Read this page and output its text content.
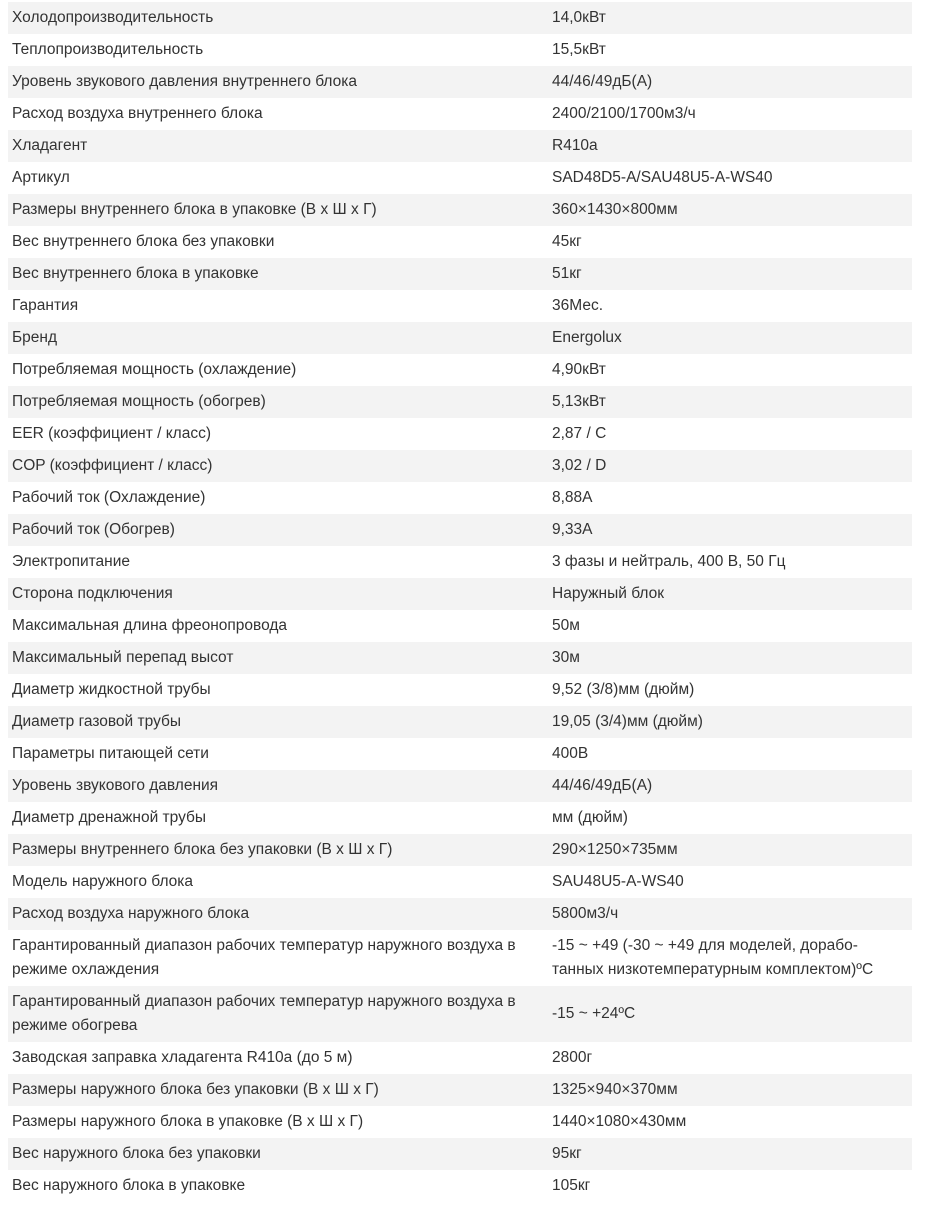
Холодопроизводительность	14,0кВт
Теплопроизводительность	15,5кВт
Уровень звукового давления внутреннего блока	44/46/49дБ(А)
Расход воздуха внутреннего блока	2400/2100/1700м3/ч
Хладагент	R410a
Артикул	SAD48D5-A/SAU48U5-A-WS40
Размеры внутреннего блока в упаковке (В х Ш х Г)	360×1430×800мм
Вес внутреннего блока без упаковки	45кг
Вес внутреннего блока в упаковке	51кг
Гарантия	36Мес.
Бренд	Energolux
Потребляемая мощность (охлаждение)	4,90кВт
Потребляемая мощность (обогрев)	5,13кВт
EER (коэффициент / класс)	2,87 / C
COP (коэффициент / класс)	3,02 / D
Рабочий ток (Охлаждение)	8,88А
Рабочий ток (Обогрев)	9,33А
Электропитание	3 фазы и нейтраль, 400 В, 50 Гц
Сторона подключения	Наружный блок
Максимальная длина фреонопровода	50м
Максимальный перепад высот	30м
Диаметр жидкостной трубы	9,52 (3/8)мм (дюйм)
Диаметр газовой трубы	19,05 (3/4)мм (дюйм)
Параметры питающей сети	400В
Уровень звукового давления	44/46/49дБ(А)
Диаметр дренажной трубы	мм (дюйм)
Размеры внутреннего блока без упаковки (В х Ш х Г)	290×1250×735мм
Модель наружного блока	SAU48U5-A-WS40
Расход воздуха наружного блока	5800м3/ч
Гарантированный диапазон рабочих температур наружного воздуха в режиме охлаждения	-15 ~ +49 (-30 ~ +49 для моделей, дорабо- танных низкотемпературным комплектом)ºС
Гарантированный диапазон рабочих температур наружного воздуха в режиме обогрева	-15 ~ +24ºС
Заводская заправка хладагента R410a (до 5 м)	2800г
Размеры наружного блока без упаковки (В х Ш х Г)	1325×940×370мм
Размеры наружного блока в упаковке (В х Ш х Г)	1440×1080×430мм
Вес наружного блока без упаковки	95кг
Вес наружного блока в упаковке	105кг
